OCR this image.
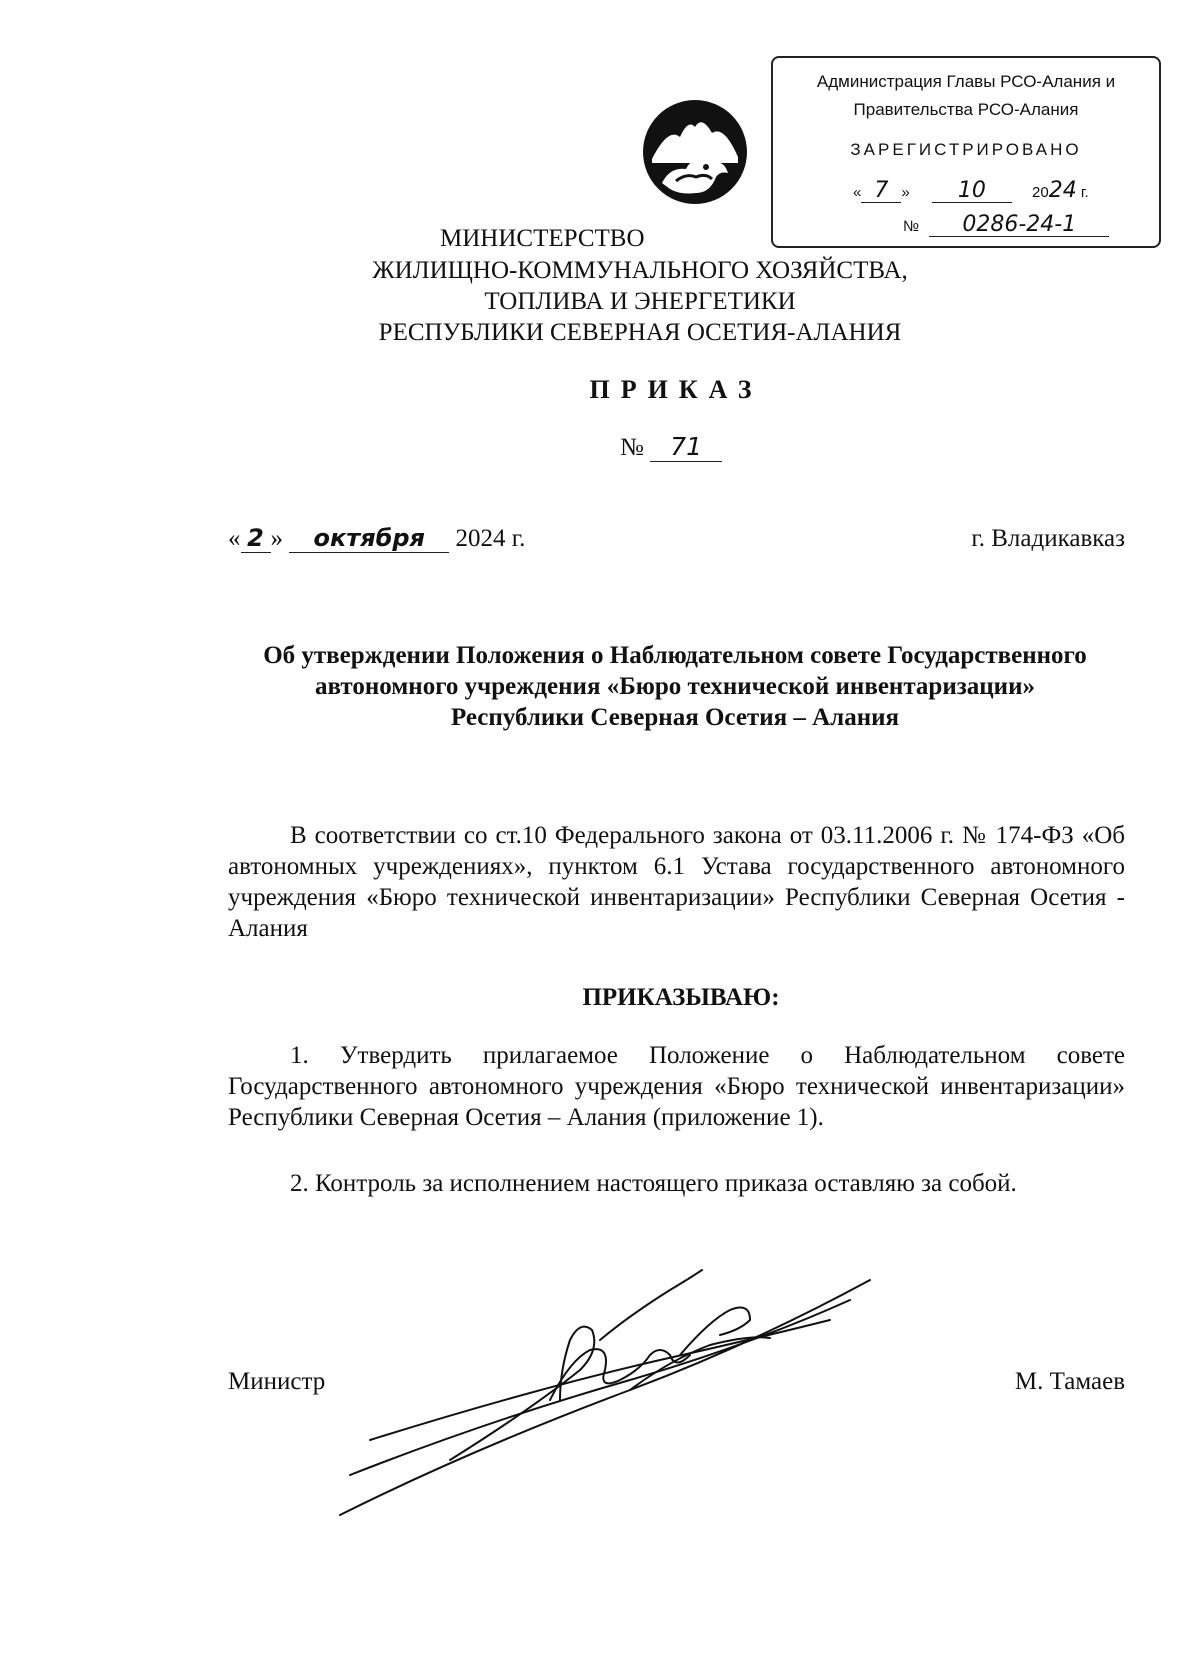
Администрация Главы РСО-Алания и
Правительства РСО-Алания
ЗАРЕГИСТРИРОВАНО
« 7 » 10	2024 г.
№ 0286-24-1
МИНИСТЕРСТВО
ЖИЛИЩНО-КОММУНАЛЬНОГО ХОЗЯЙСТВА,
ТОПЛИВА И ЭНЕРГЕТИКИ
РЕСПУБЛИКИ СЕВЕРНАЯ ОСЕТИЯ-АЛАНИЯ
ПРИКАЗ
№ 71
« 2 » октября 2024 г.	г. Владикавказ
Об утверждении Положения о Наблюдательном совете Государственного
автономного учреждения «Бюро технической инвентаризации»
Республики Северная Осетия – Алания
В соответствии со ст.10 Федерального закона от 03.11.2006 г. № 174-ФЗ «Об автономных учреждениях», пунктом 6.1 Устава государственного автономного учреждения «Бюро технической инвентаризации» Республики Северная Осетия - Алания
ПРИКАЗЫВАЮ:
1. Утвердить прилагаемое Положение о Наблюдательном совете Государственного автономного учреждения «Бюро технической инвентаризации» Республики Северная Осетия – Алания (приложение 1).
2. Контроль за исполнением настоящего приказа оставляю за собой.
Министр	М. Тамаев
